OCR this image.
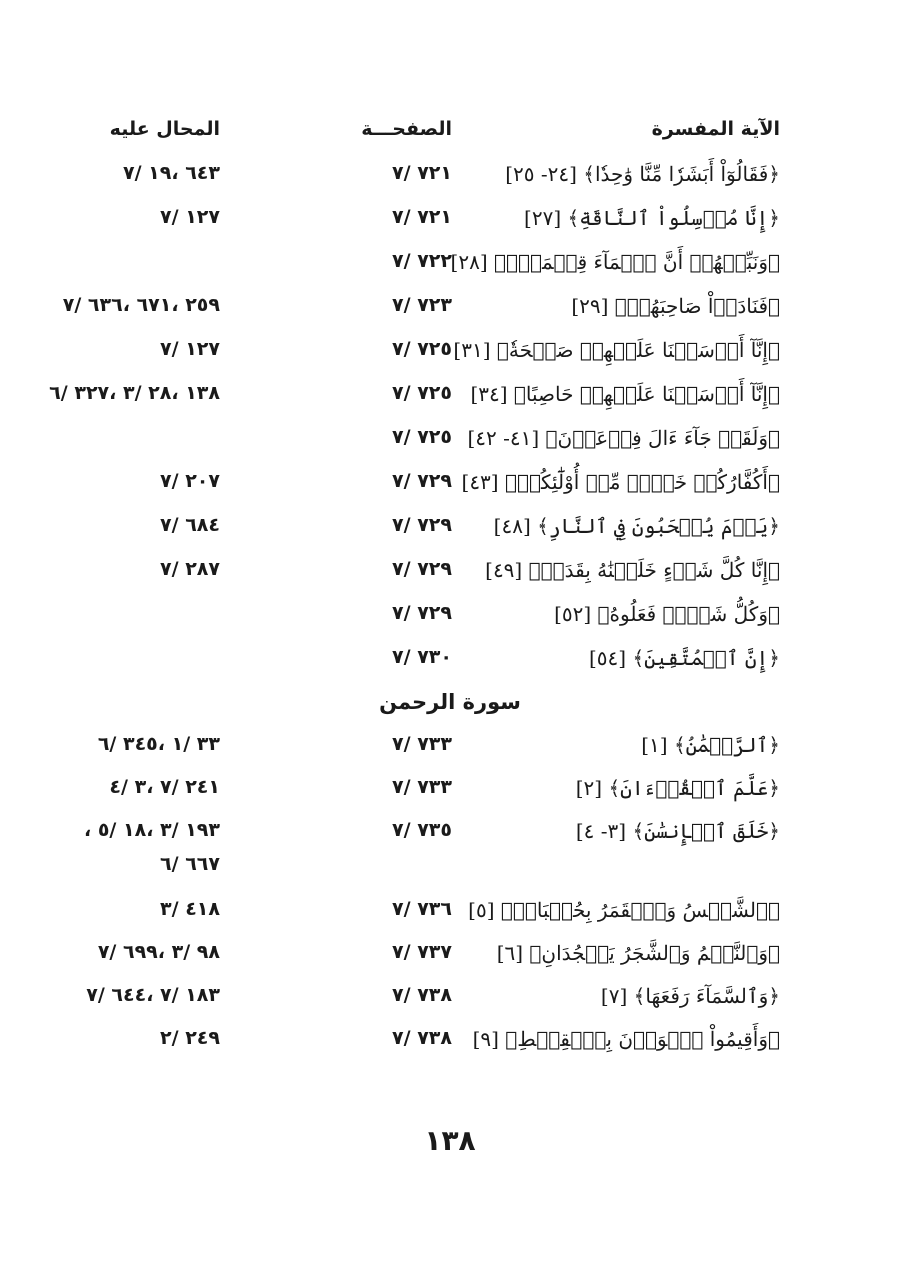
الآية المفسرة
الصفحـــة
المحال عليه
﴿فَقَالُوٓاْ أَبَشَرٗا مِّنَّا وَٰحِدٗا﴾ [٢٤- ٢٥]
٧٢١ /٧
٦٤٣ ،١٩ /٧
﴿إِنَّا مُرۡسِلُواْ ٱلنَّاقَةِ﴾ [٢٧]
٧٢١ /٧
١٢٧ /٧
﴿وَنَبِّئۡهُمۡ أَنَّ ٱلۡمَآءَ قِسۡمَةُۢ﴾ [٢٨]
٧٢٢ /٧
﴿فَنَادَوۡاْ صَاحِبَهُمۡ﴾ [٢٩]
٧٢٣ /٧
٢٥٩ ،٦٧١ ،٦٣٦ /٧
﴿إِنَّآ أَرۡسَلۡنَا عَلَيۡهِمۡ صَيۡحَةٗ﴾ [٣١]
٧٢٥ /٧
١٢٧ /٧
﴿إِنَّآ أَرۡسَلۡنَا عَلَيۡهِمۡ حَاصِبًا﴾ [٣٤]
٧٢٥ /٧
١٣٨ ،٢٨ /٣ ،٣٢٧ /٦
﴿وَلَقَدۡ جَآءَ ءَالَ فِرۡعَوۡنَ﴾ [٤١- ٤٢]
٧٢٥ /٧
﴿أَكُفَّارُكُمۡ خَيۡرٞ مِّنۡ أُوْلَٰٓئِكُمۡ﴾ [٤٣]
٧٢٩ /٧
٢٠٧ /٧
﴿يَوۡمَ يُسۡحَبُونَ فِي ٱلنَّارِ﴾ [٤٨]
٧٢٩ /٧
٦٨٤ /٧
﴿إِنَّا كُلَّ شَيۡءٍ خَلَقۡنَٰهُ بِقَدَرٖ﴾ [٤٩]
٧٢٩ /٧
٢٨٧ /٧
﴿وَكُلُّ شَيۡءٖ فَعَلُوهُ﴾ [٥٢]
٧٢٩ /٧
﴿إِنَّ ٱلۡمُتَّقِينَ﴾ [٥٤]
٧٣٠ /٧
سورة الرحمن
﴿ٱلرَّحۡمَٰنُ﴾ [١]
٧٣٣ /٧
٣٣ /١ ،٣٤٥ /٦
﴿عَلَّمَ ٱلۡقُرۡءَانَ﴾ [٢]
٧٣٣ /٧
٢٤١ /٧ ،٣ /٤
﴿خَلَقَ ٱلۡإِنسَٰنَ﴾ [٣- ٤]
٧٣٥ /٧
١٩٣ /٣ ،١٨ /٥ ،
٦٦٧ /٦
﴿ٱلشَّمۡسُ وَٱلۡقَمَرُ بِحُسۡبَانٖ﴾ [٥]
٧٣٦ /٧
٤١٨ /٣
﴿وَٱلنَّجۡمُ وَٱلشَّجَرُ يَسۡجُدَانِ﴾ [٦]
٧٣٧ /٧
٩٨ /٣ ،٦٩٩ /٧
﴿وَٱلسَّمَآءَ رَفَعَهَا﴾ [٧]
٧٣٨ /٧
١٨٣ /٧ ،٦٤٤ /٧
﴿وَأَقِيمُواْ ٱلۡوَزۡنَ بِٱلۡقِسۡطِ﴾ [٩]
٧٣٨ /٧
٢٤٩ /٢
١٣٨
